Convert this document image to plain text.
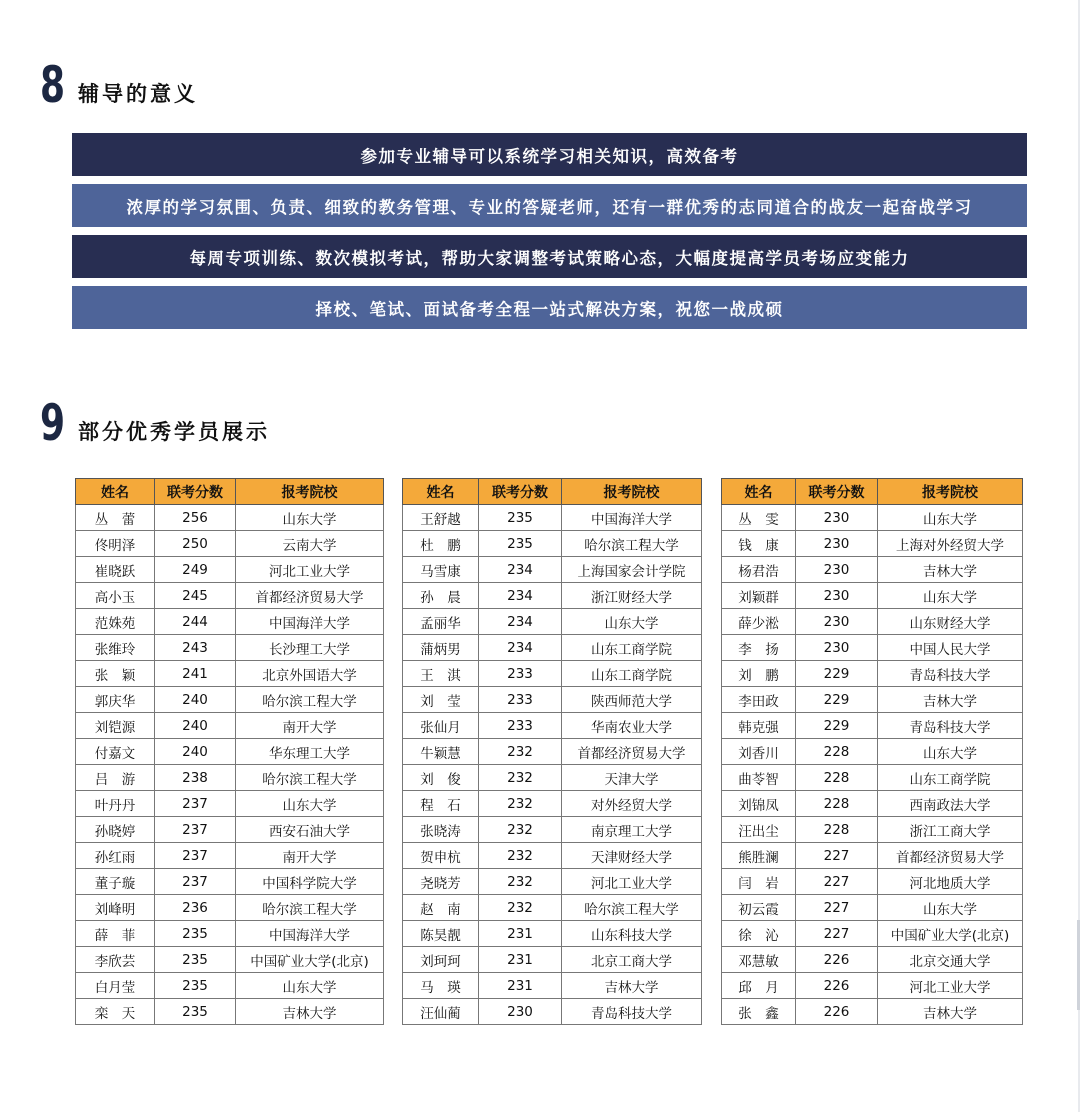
8 辅导的意义
参加专业辅导可以系统学习相关知识，高效备考
浓厚的学习氛围、负责、细致的教务管理、专业的答疑老师，还有一群优秀的志同道合的战友一起奋战学习
每周专项训练、数次模拟考试，帮助大家调整考试策略心态，大幅度提高学员考场应变能力
择校、笔试、面试备考全程一站式解决方案，祝您一战成硕
9 部分优秀学员展示
姓名	联考分数	报考院校
丛　蕾	256	山东大学
佟明泽	250	云南大学
崔晓跃	249	河北工业大学
高小玉	245	首都经济贸易大学
范姝苑	244	中国海洋大学
张维玲	243	长沙理工大学
张　颖	241	北京外国语大学
郭庆华	240	哈尔滨工程大学
刘铠源	240	南开大学
付嘉文	240	华东理工大学
吕　游	238	哈尔滨工程大学
叶丹丹	237	山东大学
孙晓婷	237	西安石油大学
孙红雨	237	南开大学
董子璇	237	中国科学院大学
刘峰明	236	哈尔滨工程大学
薛　菲	235	中国海洋大学
李欣芸	235	中国矿业大学(北京)
白月莹	235	山东大学
栾　天	235	吉林大学
姓名	联考分数	报考院校
王舒越	235	中国海洋大学
杜　鹏	235	哈尔滨工程大学
马雪康	234	上海国家会计学院
孙　晨	234	浙江财经大学
孟丽华	234	山东大学
蒲炳男	234	山东工商学院
王　淇	233	山东工商学院
刘　莹	233	陕西师范大学
张仙月	233	华南农业大学
牛颖慧	232	首都经济贸易大学
刘　俊	232	天津大学
程　石	232	对外经贸大学
张晓涛	232	南京理工大学
贺申杭	232	天津财经大学
尧晓芳	232	河北工业大学
赵　南	232	哈尔滨工程大学
陈昊靓	231	山东科技大学
刘珂珂	231	北京工商大学
马　瑛	231	吉林大学
汪仙蔺	230	青岛科技大学
姓名	联考分数	报考院校
丛　雯	230	山东大学
钱　康	230	上海对外经贸大学
杨君浩	230	吉林大学
刘颖群	230	山东大学
薛少淞	230	山东财经大学
李　扬	230	中国人民大学
刘　鹏	229	青岛科技大学
李田政	229	吉林大学
韩克强	229	青岛科技大学
刘香川	228	山东大学
曲苓智	228	山东工商学院
刘锦凤	228	西南政法大学
汪出尘	228	浙江工商大学
熊胜澜	227	首都经济贸易大学
闫　岩	227	河北地质大学
初云霞	227	山东大学
徐　沁	227	中国矿业大学(北京)
邓慧敏	226	北京交通大学
邱　月	226	河北工业大学
张　鑫	226	吉林大学
